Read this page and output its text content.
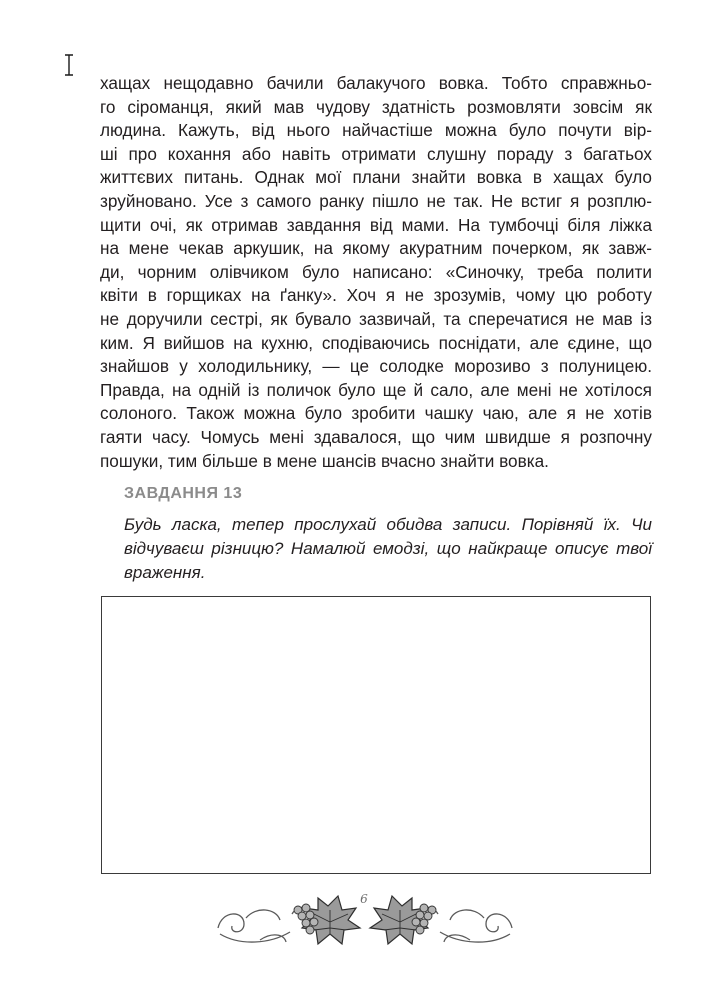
хащах нещодавно бачили балакучого вовка. Тобто справжньо-
го сіроманця, який мав чудову здатність розмовляти зовсім як
людина. Кажуть, від нього найчастіше можна було почути вір-
ші про кохання або навіть отримати слушну пораду з багатьох
життєвих питань. Однак мої плани знайти вовка в хащах було
зруйновано. Усе з самого ранку пішло не так. Не встиг я розплю-
щити очі, як отримав завдання від мами. На тумбочці біля ліжка
на мене чекав аркушик, на якому акуратним почерком, як завж-
ди, чорним олівчиком було написано: «Синочку, треба полити
квіти в горщиках на ґанку». Хоч я не зрозумів, чому цю роботу
не доручили сестрі, як бувало зазвичай, та сперечатися не мав із
ким. Я вийшов на кухню, сподіваючись поснідати, але єдине, що
знайшов у холодильнику, — це солодке морозиво з полуницею.
Правда, на одній із поличок було ще й сало, але мені не хотілося
солоного. Також можна було зробити чашку чаю, але я не хотів
гаяти часу. Чомусь мені здавалося, що чим швидше я розпочну
пошуки, тим більше в мене шансів вчасно знайти вовка.
ЗАВДАННЯ 13
Будь ласка, тепер прослухай обидва записи. Порівняй їх. Чи
відчуваєш різницю? Намалюй емодзі, що найкраще описує твої
враження.
6
